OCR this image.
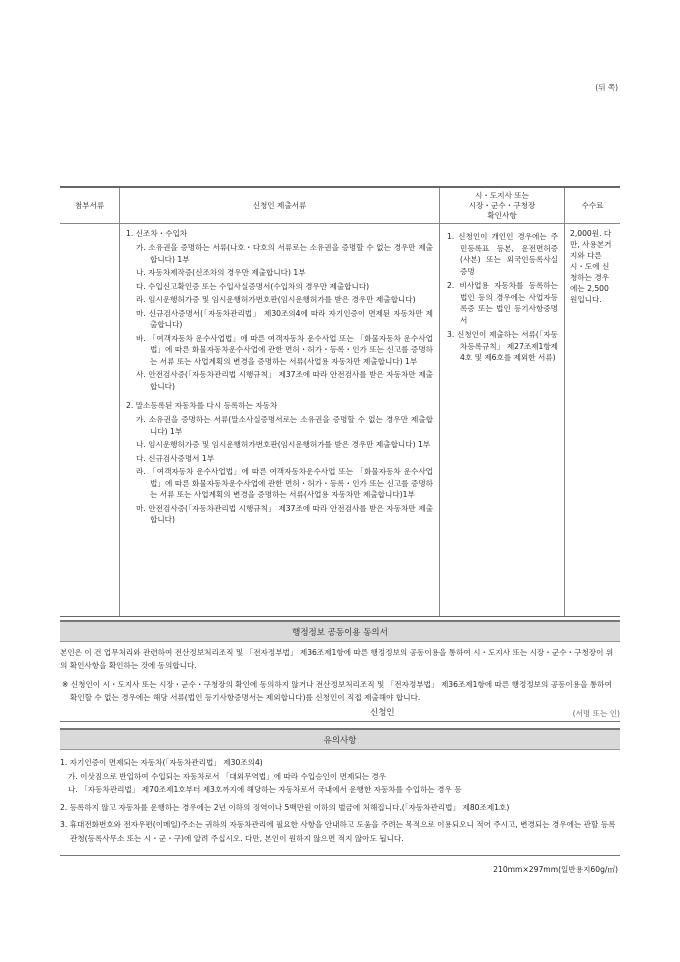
(뒤 쪽)
첨부서류	신청인 제출서류
시・도지사 또는
시장・군수・구청장
확인사항
수수료
1. 신조차・수입차
가. 소유권을 증명하는 서류(나호・다호의 서류로는 소유권을 증명할 수 없는 경우만 제출합니다) 1부
나. 자동차제작증(신조차의 경우만 제출합니다) 1부
다. 수입신고확인증 또는 수입사실증명서(수입차의 경우만 제출합니다)
라. 임시운행허가증 및 임시운행허가번호판(임시운행허가를 받은 경우만 제출합니다)
마. 신규검사증명서(「자동차관리법」 제30조의4에 따라 자기인증이 면제된 자동차만 제출합니다)
바. 「여객자동차 운수사업법」에 따른 여객자동차 운수사업 또는 「화물자동차 운수사업법」에 따른 화물자동차운수사업에 관한 면허・허가・등록・인가 또는 신고를 증명하는 서류 또는 사업계획의 변경을 증명하는 서류(사업용 자동차만 제출합니다) 1부
사. 안전검사증(「자동차관리법 시행규칙」 제37조에 따라 안전검사를 받은 자동차만 제출합니다)
2. 말소등록된 자동차를 다시 등록하는 자동차
가. 소유권을 증명하는 서류(말소사실증명서로는 소유권을 증명할 수 없는 경우만 제출합니다) 1부
나. 임시운행허가증 및 임시운행허가번호판(임시운행허가를 받은 경우만 제출합니다) 1부
다. 신규검사증명서 1부
라. 「여객자동차 운수사업법」에 따른 여객자동차운수사업 또는 「화물자동차 운수사업법」에 따른 화물자동차운수사업에 관한 면허・허가・등록・인가 또는 신고를 증명하는 서류 또는 사업계획의 변경을 증명하는 서류(사업용 자동차만 제출합니다)1부
마. 안전검사증(「자동차관리법 시행규칙」 제37조에 따라 안전검사를 받은 자동차만 제출합니다)
1. 신청인이 개인인 경우에는 주민등록표 등본, 운전면허증(사본) 또는 외국인등록사실증명
2. 비사업용 자동차를 등록하는 법인 등의 경우에는 사업자등록증 또는 법인 등기사항증명서
3. 신청인이 제출하는 서류(「자동차등록규칙」 제27조제1항제4호 및 제6호를 제외한 서류)
2,000원. 다만, 사용본거지와 다른 시・도에 신청하는 경우에는 2,500원입니다.
행정정보 공동이용 동의서
본인은 이 건 업무처리와 관련하여 전산정보처리조직 및 「전자정부법」 제36조제1항에 따른 행정정보의 공동이용을 통하여 시・도지사 또는 시장・군수・구청장이 위의 확인사항을 확인하는 것에 동의합니다.
※ 신청인이 시・도지사 또는 시장・군수・구청장의 확인에 동의하지 않거나 전산정보처리조직 및 「전자정부법」 제36조제1항에 따른 행정정보의 공동이용을 통하여 확인할 수 없는 경우에는 해당 서류(법인 등기사항증명서는 제외합니다)를 신청인이 직접 제출해야 합니다.
신청인	(서명 또는 인)
유의사항
1. 자기인증이 면제되는 자동차(「자동차관리법」 제30조의4)
가. 이삿짐으로 반입하여 수입되는 자동차로서 「대외무역법」에 따라 수입승인이 면제되는 경우
나. 「자동차관리법」 제70조제1호부터 제3호까지에 해당하는 자동차로서 국내에서 운행한 자동차를 수입하는 경우 등
2. 등록하지 않고 자동차를 운행하는 경우에는 2년 이하의 징역이나 5백만원 이하의 벌금에 처해집니다.(「자동차관리법」 제80조제1호)
3. 휴대전화번호와 전자우편(이메일)주소는 귀하의 자동차관리에 필요한 사항을 안내하고 도움을 주려는 목적으로 이용되오니 적어 주시고, 변경되는 경우에는 관할 등록관청(등록사무소 또는 시・군・구)에 알려 주십시오. 다만, 본인이 원하지 않으면 적지 않아도 됩니다.
210mm×297mm(일반용지60g/㎡)
